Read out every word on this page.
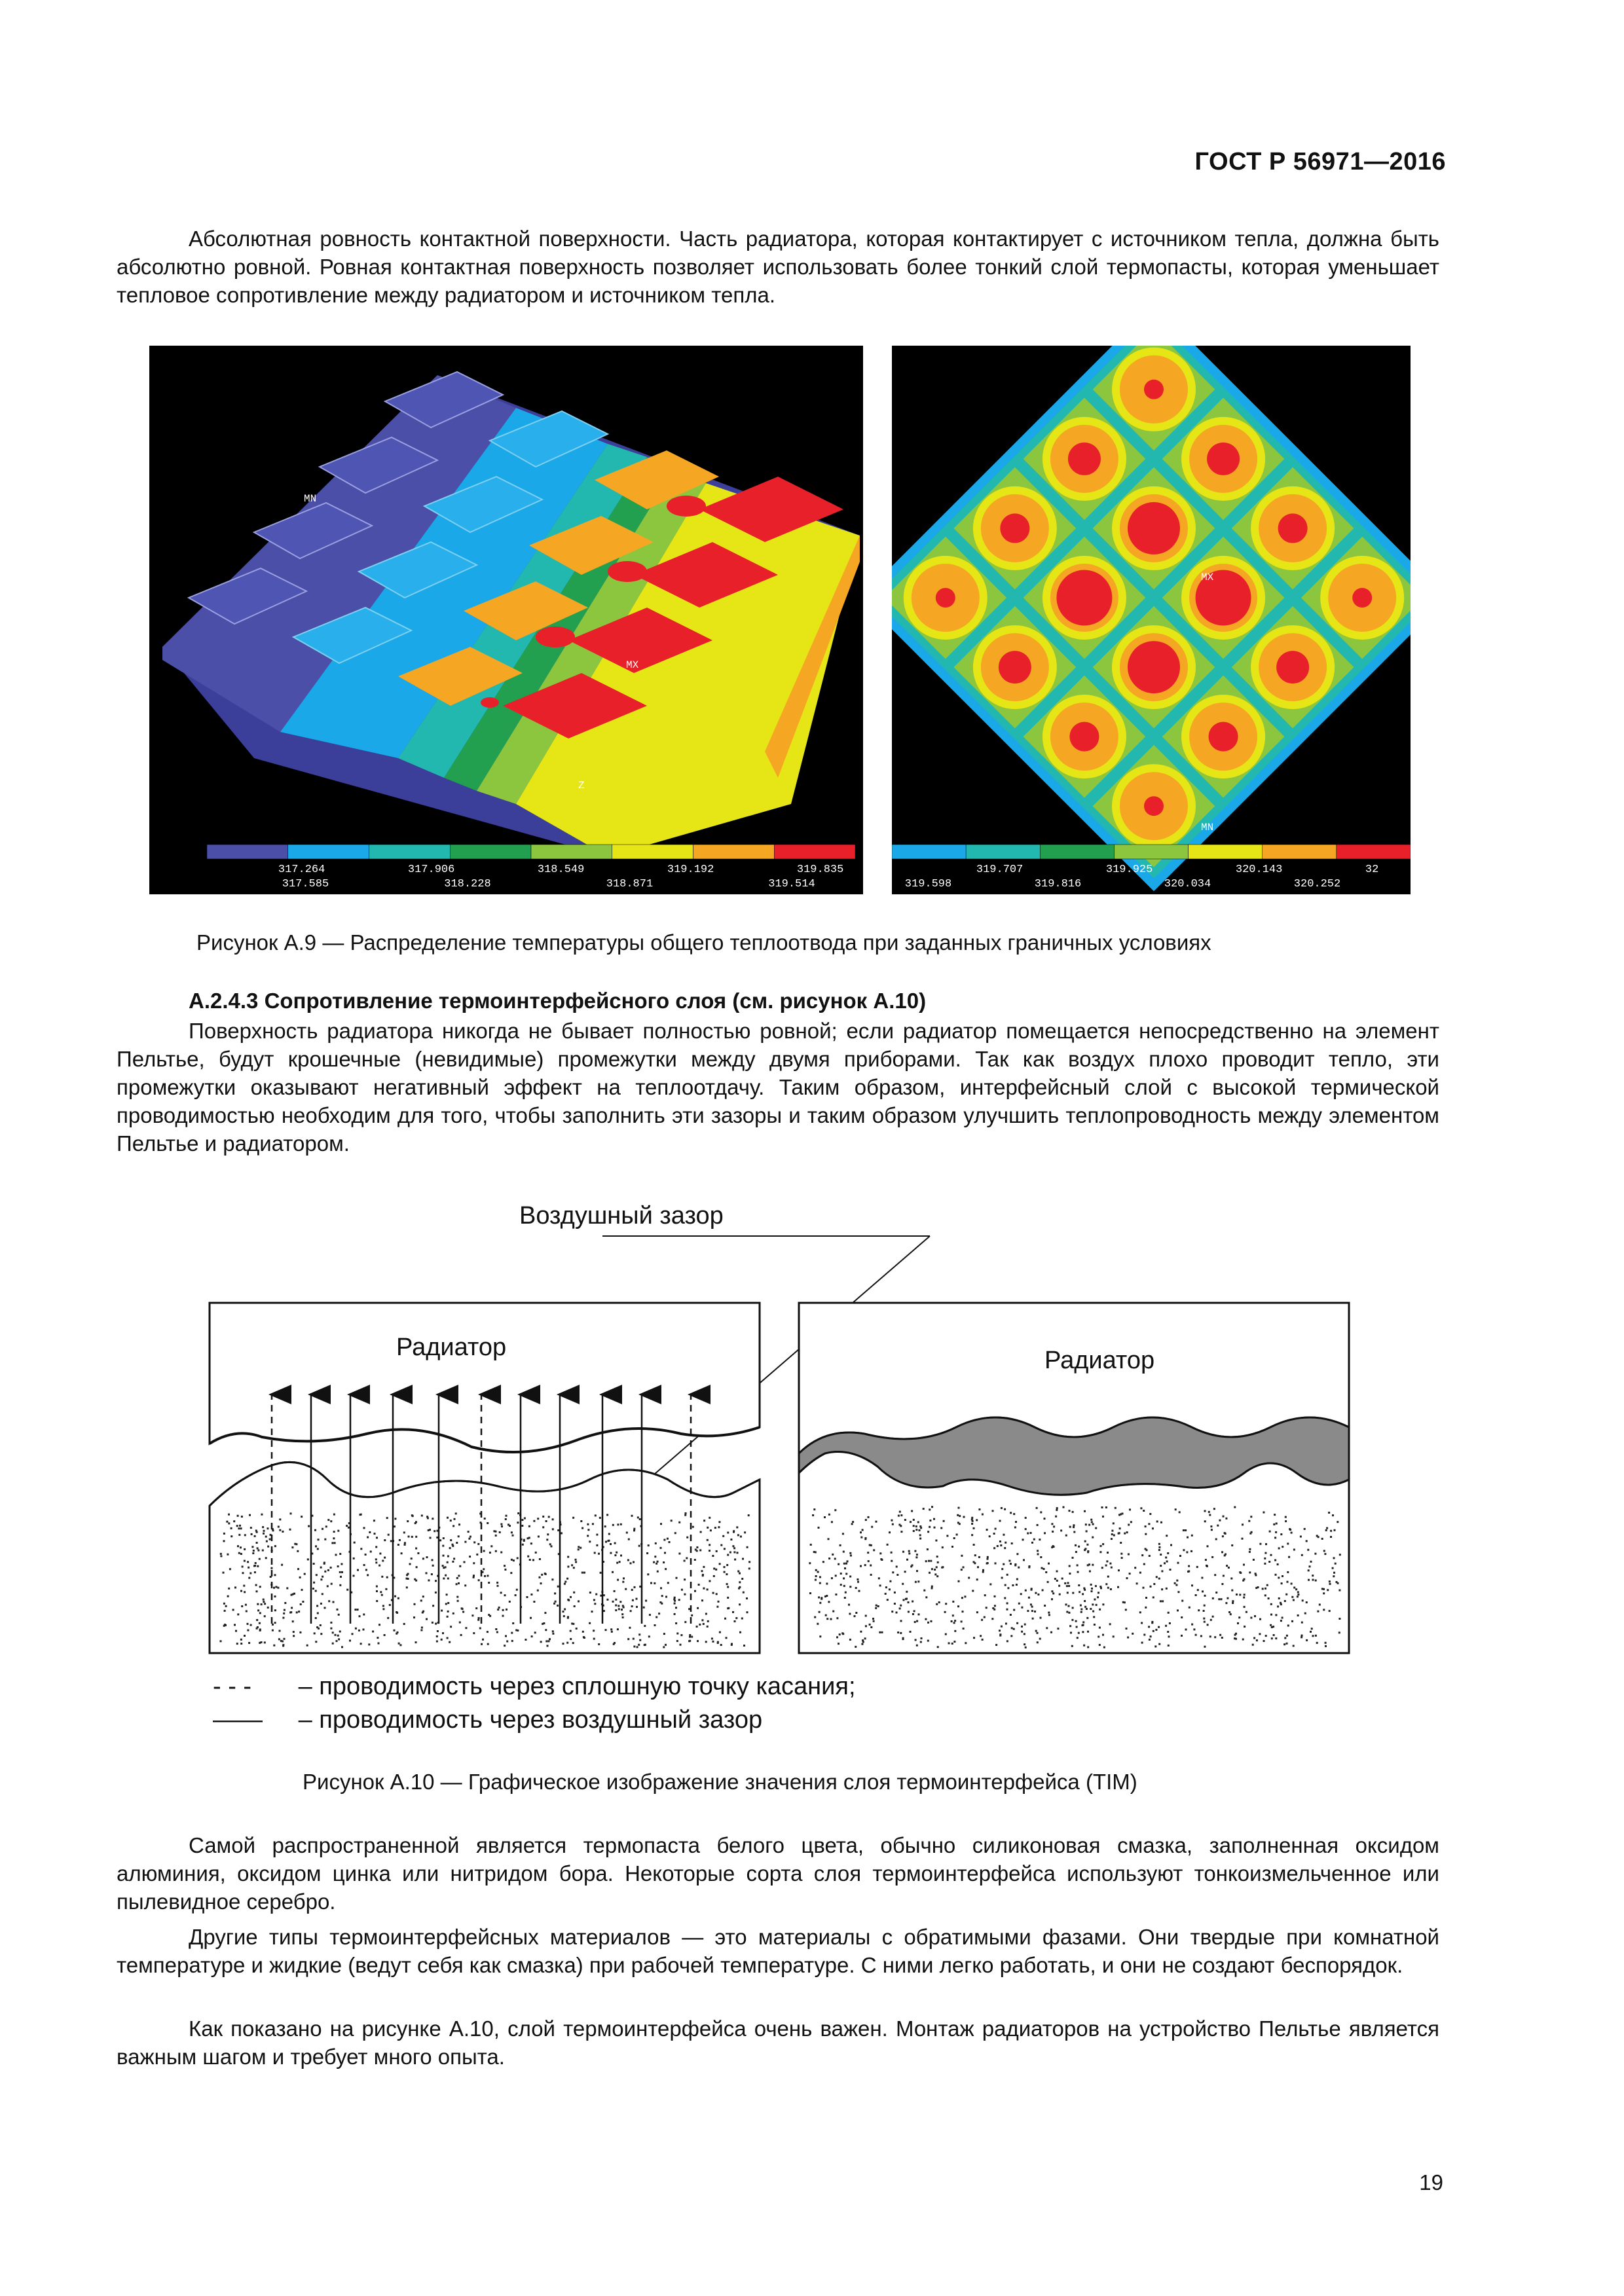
ГОСТ Р 56971—2016

Абсолютная ровность контактной поверхности. Часть радиатора, которая контактирует с источником тепла, должна быть абсолютно ровной. Ровная контактная поверхность позволяет использовать более тонкий слой термопасты, которая уменьшает тепловое сопротивление между радиатором и источником тепла.

MN
MX
Z
317.264	317.906	318.549	319.192	319.835
317.585	318.228	318.871	319.514
MX
MN
319.707	319.925	320.143	32
319.598	319.816	320.034	320.252
Рисунок А.9 — Распределение температуры общего теплоотвода при заданных граничных условиях
А.2.4.3 Сопротивление термоинтерфейсного слоя (см. рисунок А.10)

Поверхность радиатора никогда не бывает полностью ровной; если радиатор помещается непосредственно на элемент Пельтье, будут крошечные (невидимые) промежутки между двумя приборами. Так как воздух плохо проводит тепло, эти промежутки оказывают негативный эффект на теплоотдачу. Таким образом, интерфейсный слой с высокой термической проводимостью необходим для того, чтобы заполнить эти зазоры и таким образом улучшить теплопроводность между элементом Пельтье и радиатором.

Воздушный зазор
Радиатор	Радиатор
- - - – проводимость через сплошную точку касания;
—— – проводимость через воздушный зазор
Рисунок А.10 — Графическое изображение значения слоя термоинтерфейса (TIM)

Самой распространенной является термопаста белого цвета, обычно силиконовая смазка, заполненная оксидом алюминия, оксидом цинка или нитридом бора. Некоторые сорта слоя термоинтерфейса используют тонкоизмельченное или пылевидное серебро.

Другие типы термоинтерфейсных материалов — это материалы с обратимыми фазами. Они твердые при комнатной температуре и жидкие (ведут себя как смазка) при рабочей температуре. С ними легко работать, и они не создают беспорядок.

Как показано на рисунке А.10, слой термоинтерфейса очень важен. Монтаж радиаторов на устройство Пельтье является важным шагом и требует много опыта.

19
